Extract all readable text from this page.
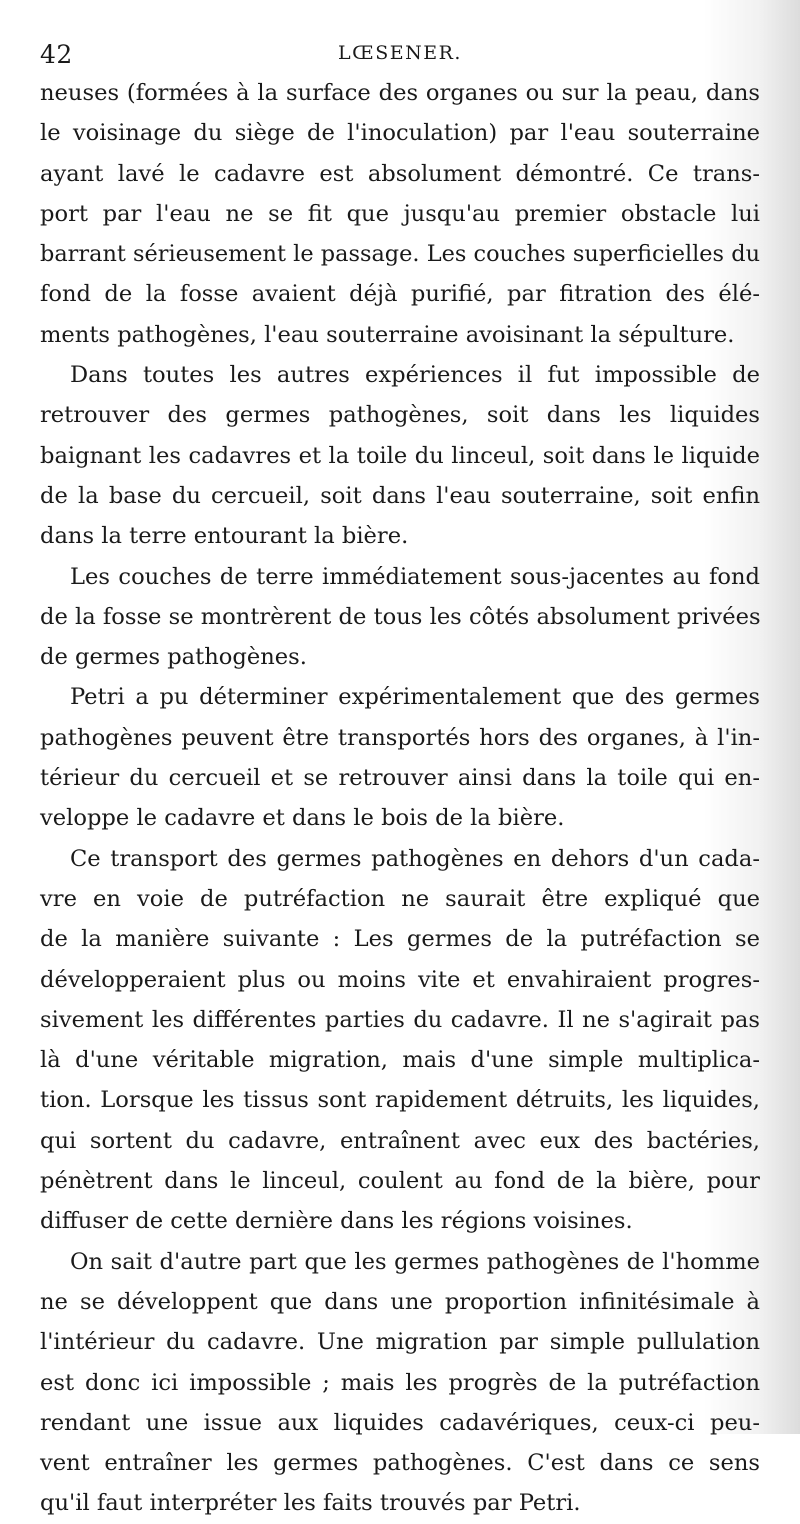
42	LŒSENER.
neuses (formées à la surface des organes ou sur la peau, dans
le voisinage du siège de l'inoculation) par l'eau souterraine
ayant lavé le cadavre est absolument démontré. Ce trans-
port par l'eau ne se fit que jusqu'au premier obstacle lui
barrant sérieusement le passage. Les couches superficielles du
fond de la fosse avaient déjà purifié, par fitration des élé-
ments pathogènes, l'eau souterraine avoisinant la sépulture.
Dans toutes les autres expériences il fut impossible de
retrouver des germes pathogènes, soit dans les liquides
baignant les cadavres et la toile du linceul, soit dans le liquide
de la base du cercueil, soit dans l'eau souterraine, soit enfin
dans la terre entourant la bière.
Les couches de terre immédiatement sous-jacentes au fond
de la fosse se montrèrent de tous les côtés absolument privées
de germes pathogènes.
Petri a pu déterminer expérimentalement que des germes
pathogènes peuvent être transportés hors des organes, à l'in-
térieur du cercueil et se retrouver ainsi dans la toile qui en-
veloppe le cadavre et dans le bois de la bière.
Ce transport des germes pathogènes en dehors d'un cada-
vre en voie de putréfaction ne saurait être expliqué que
de la manière suivante : Les germes de la putréfaction se
développeraient plus ou moins vite et envahiraient progres-
sivement les différentes parties du cadavre. Il ne s'agirait pas
là d'une véritable migration, mais d'une simple multiplica-
tion. Lorsque les tissus sont rapidement détruits, les liquides,
qui sortent du cadavre, entraînent avec eux des bactéries,
pénètrent dans le linceul, coulent au fond de la bière, pour
diffuser de cette dernière dans les régions voisines.
On sait d'autre part que les germes pathogènes de l'homme
ne se développent que dans une proportion infinitésimale à
l'intérieur du cadavre. Une migration par simple pullulation
est donc ici impossible ; mais les progrès de la putréfaction
rendant une issue aux liquides cadavériques, ceux-ci peu-
vent entraîner les germes pathogènes. C'est dans ce sens
qu'il faut interpréter les faits trouvés par Petri.
